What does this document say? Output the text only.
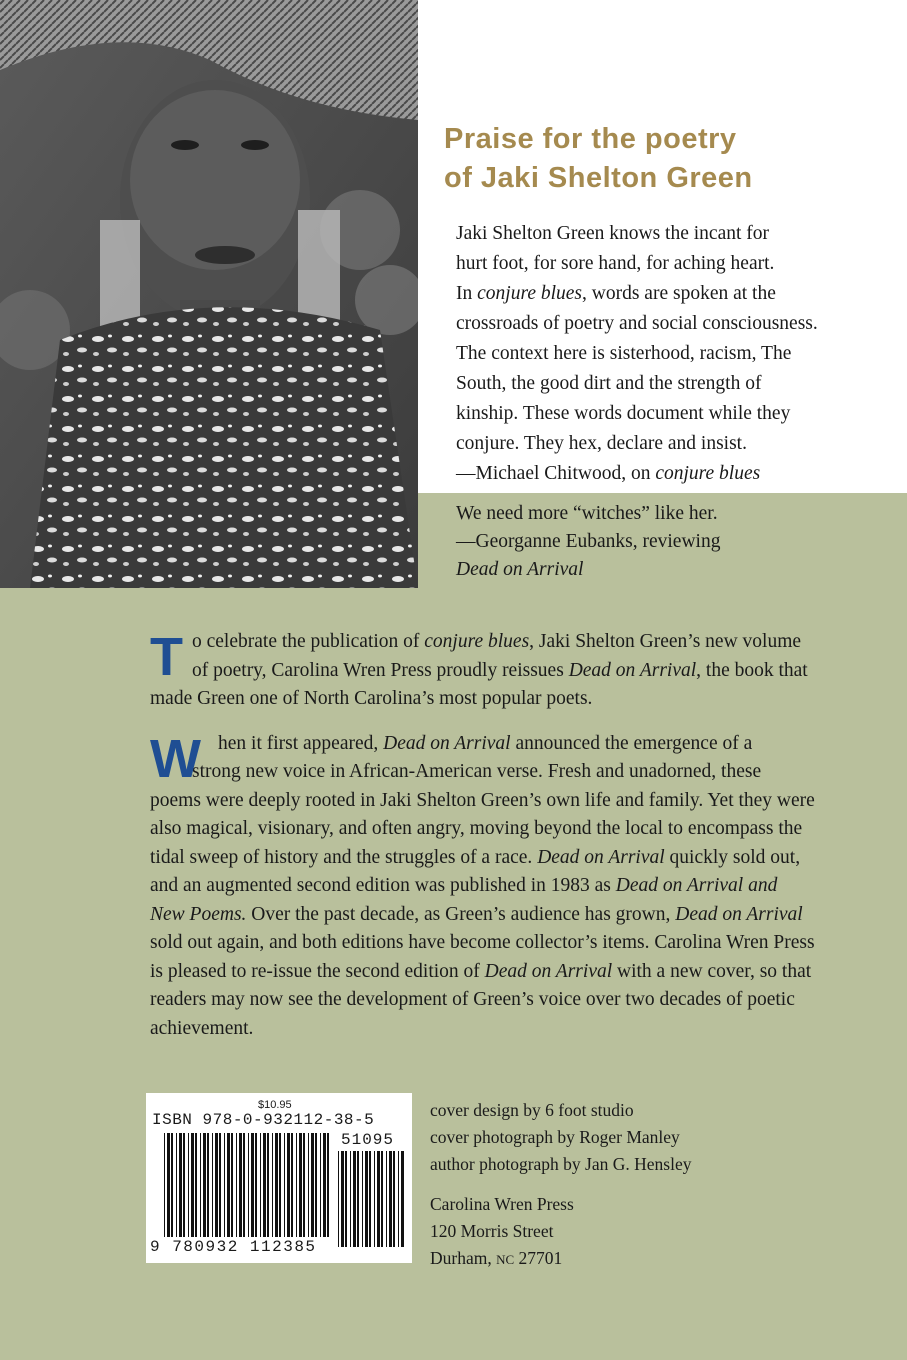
Praise for the poetry
of Jaki Shelton Green
Jaki Shelton Green knows the incant for
hurt foot, for sore hand, for aching heart.
In conjure blues, words are spoken at the
crossroads of poetry and social consciousness.
The context here is sisterhood, racism, The
South, the good dirt and the strength of
kinship. These words document while they
conjure. They hex, declare and insist.
—Michael Chitwood, on conjure blues
We need more “witches” like her.
—Georganne Eubanks, reviewing
Dead on Arrival
T o celebrate the publication of conjure blues, Jaki Shelton Green’s new volume
of poetry, Carolina Wren Press proudly reissues Dead on Arrival, the book that
made Green one of North Carolina’s most popular poets.
W hen it first appeared, Dead on Arrival announced the emergence of a
strong new voice in African-American verse. Fresh and unadorned, these
poems were deeply rooted in Jaki Shelton Green’s own life and family. Yet they were
also magical, visionary, and often angry, moving beyond the local to encompass the
tidal sweep of history and the struggles of a race. Dead on Arrival quickly sold out,
and an augmented second edition was published in 1983 as Dead on Arrival and
New Poems. Over the past decade, as Green’s audience has grown, Dead on Arrival
sold out again, and both editions have become collector’s items. Carolina Wren Press
is pleased to re-issue the second edition of Dead on Arrival with a new cover, so that
readers may now see the development of Green’s voice over two decades of poetic
achievement.
$10.95
ISBN 978-0-932112-38-5
51095
9 780932 112385
cover design by 6 foot studio
cover photograph by Roger Manley
author photograph by Jan G. Hensley
Carolina Wren Press
120 Morris Street
Durham, NC 27701
